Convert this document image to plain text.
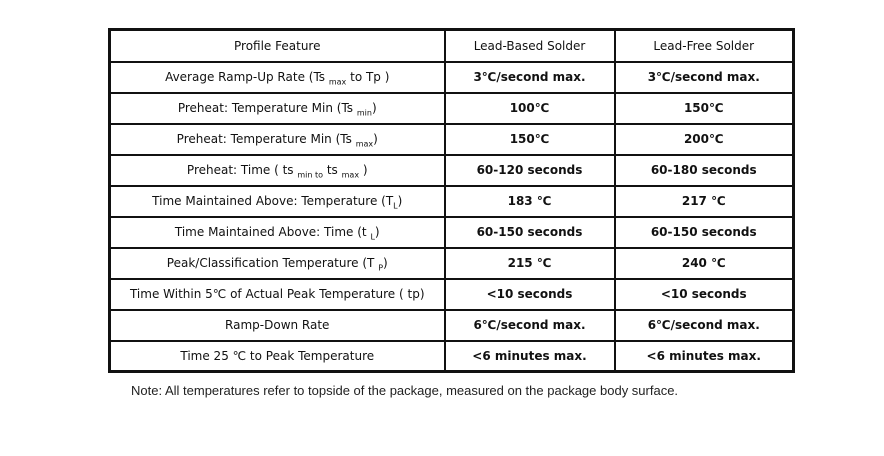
Profile Feature	Lead-Based Solder	Lead-Free Solder
Average Ramp-Up Rate (Ts $_{max}$ to Tp )	3℃/second max.	3℃/second max.
Preheat: Temperature Min (Ts $_{min}$)	100℃	150℃
Preheat: Temperature Min (Ts $_{max}$)	150℃	200℃
Preheat: Time ( ts $_{min to}$ ts $_{max}$ )	60-120 seconds	60-180 seconds
Time Maintained Above: Temperature $(T_L)$	183 ℃	217 ℃
Time Maintained Above: Time (t $_L$)	60-150 seconds	60-150 seconds
Peak/Classification Temperature (T $_P$)	215 ℃	240 ℃
Time Within 5℃ of Actual Peak Temperature ( tp)	<10 seconds	<10 seconds
Ramp-Down Rate	6℃/second max.	6℃/second max.
Time 25 ℃ to Peak Temperature	<6 minutes max.	<6 minutes max.
Note: All temperatures refer to topside of the package, measured on the package body surface.
